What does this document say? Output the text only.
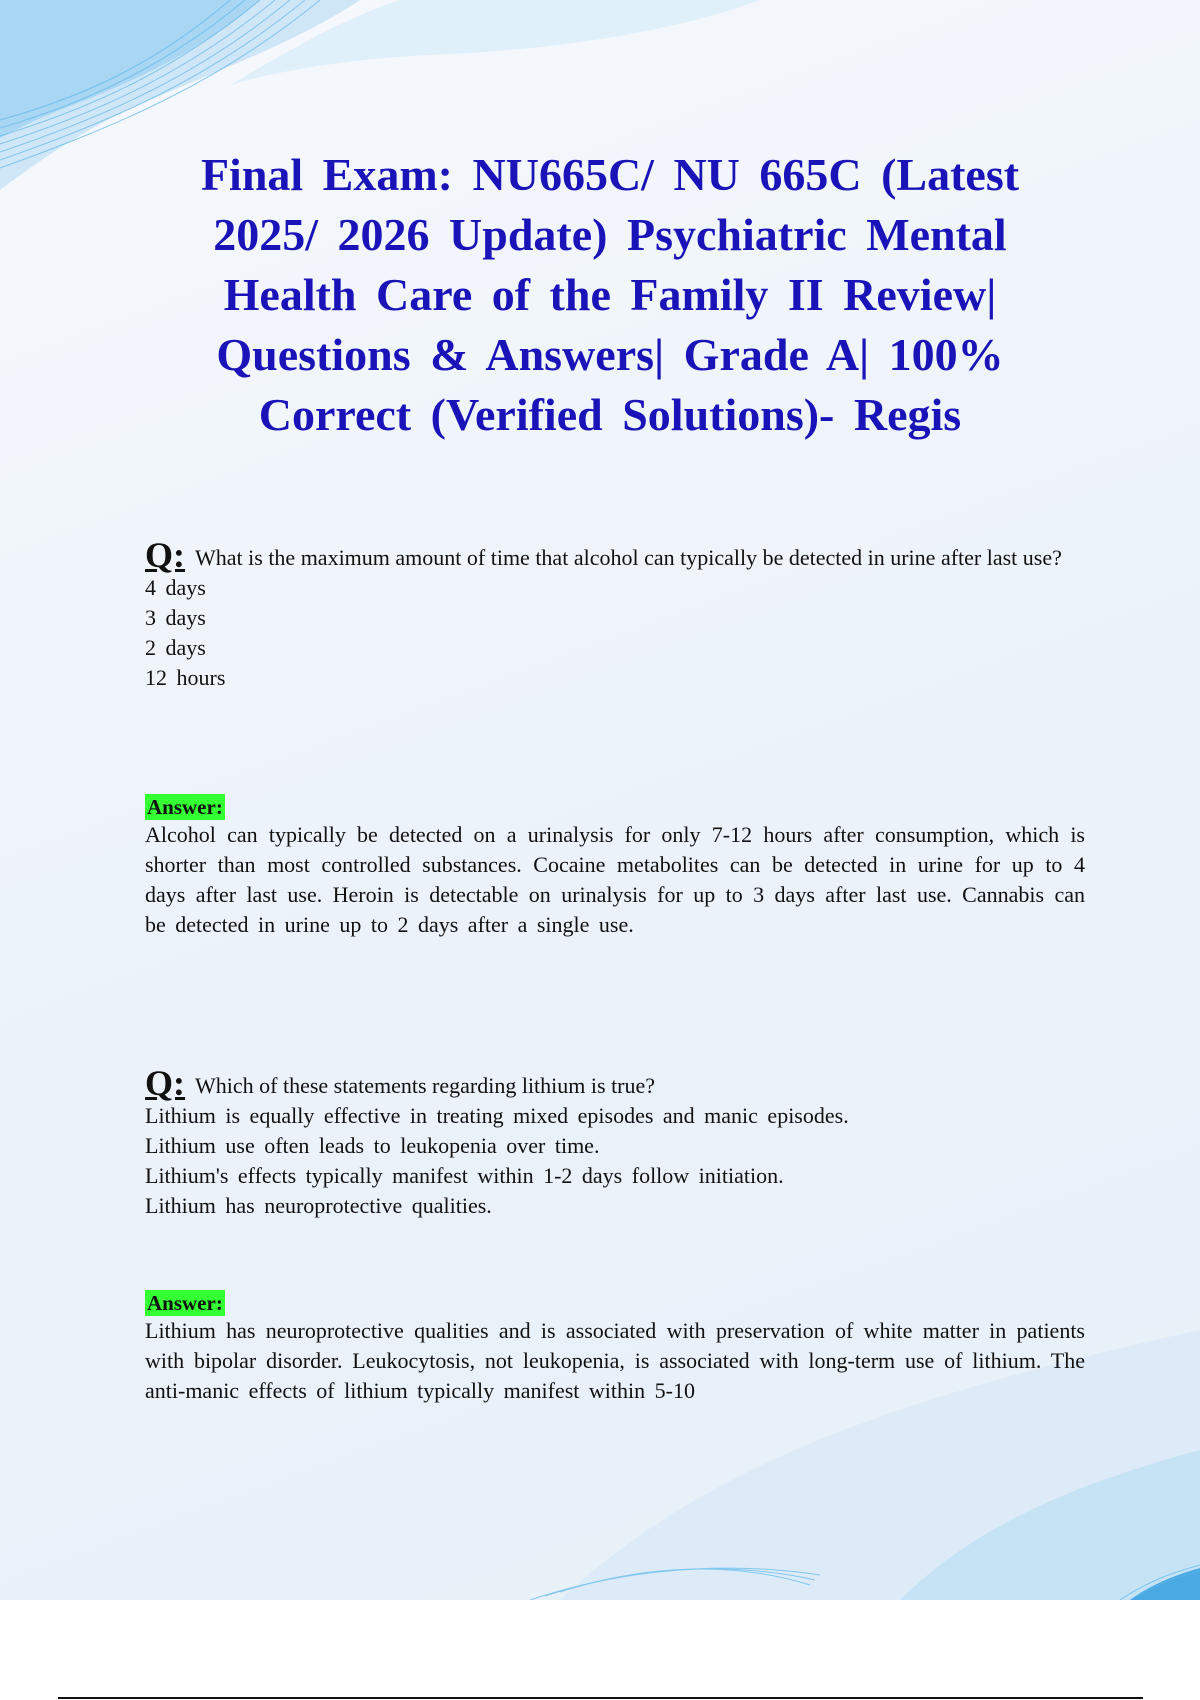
Final Exam: NU665C/ NU 665C (Latest 2025/ 2026 Update) Psychiatric Mental Health Care of the Family II Review| Questions & Answers| Grade A| 100% Correct (Verified Solutions)- Regis

Q: What is the maximum amount of time that alcohol can typically be detected in urine after last use?

4 days

3 days

2 days

12 hours

Answer:

Alcohol can typically be detected on a urinalysis for only 7-12 hours after consumption, which is shorter than most controlled substances. Cocaine metabolites can be detected in urine for up to 4 days after last use. Heroin is detectable on urinalysis for up to 3 days after last use. Cannabis can be detected in urine up to 2 days after a single use.

Q: Which of these statements regarding lithium is true?

Lithium is equally effective in treating mixed episodes and manic episodes.

Lithium use often leads to leukopenia over time.

Lithium's effects typically manifest within 1-2 days follow initiation.

Lithium has neuroprotective qualities.

Answer:

Lithium has neuroprotective qualities and is associated with preservation of white matter in patients with bipolar disorder. Leukocytosis, not leukopenia, is associated with long-term use of lithium. The anti-manic effects of lithium typically manifest within 5-10
